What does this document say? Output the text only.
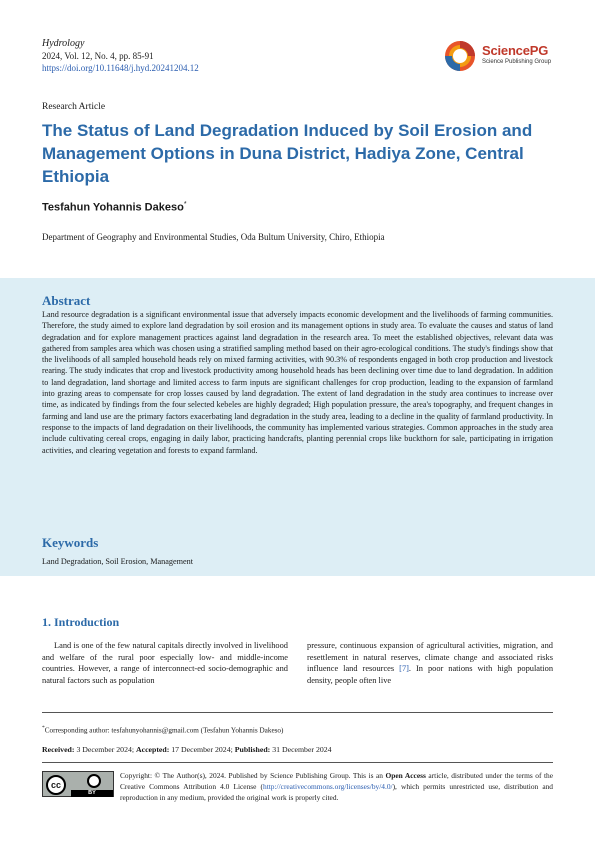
Hydrology
2024, Vol. 12, No. 4, pp. 85-91
https://doi.org/10.11648/j.hyd.20241204.12
SciencePG
Science Publishing Group
Research Article
The Status of Land Degradation Induced by Soil Erosion and Management Options in Duna District, Hadiya Zone, Central Ethiopia
Tesfahun Yohannis Dakeso*
Department of Geography and Environmental Studies, Oda Bultum University, Chiro, Ethiopia
Abstract

Land resource degradation is a significant environmental issue that adversely impacts economic development and the livelihoods of farming communities. Therefore, the study aimed to explore land degradation by soil erosion and its management options in study area. To evaluate the causes and status of land degradation and for explore management practices against land degradation in the research area. To meet the established objectives, relevant data was gathered from samples area which was chosen using a stratified sampling method based on their agro-ecological conditions. The study's findings show that the livelihoods of all sampled household heads rely on mixed farming activities, with 90.3% of respondents engaged in both crop production and livestock rearing. The study indicates that crop and livestock productivity among household heads has been declining over time due to land degradation. In addition to land degradation, land shortage and limited access to farm inputs are significant challenges for crop production, leading to the expansion of farmland into grazing areas to compensate for crop losses caused by land degradation. The extent of land degradation in the study area continues to increase over time, as indicated by findings from the four selected kebeles are highly degraded; High population pressure, the area's topography, and frequent changes in farming and land use are the primary factors exacerbating land degradation in the study area, leading to a decline in the quality of farmland productivity. In response to the impacts of land degradation on their livelihoods, the community has implemented various strategies. Common approaches in the study area include cultivating cereal crops, engaging in daily labor, practicing handcrafts, planting perennial crops like buckthorn for sale, participating in irrigation activities, and clearing vegetation and forests to expand farmland.

Keywords

Land Degradation, Soil Erosion, Management

1. Introduction

Land is one of the few natural capitals directly involved in livelihood and welfare of the rural poor especially low- and middle-income countries. However, a range of interconnect-ed socio-demographic and natural factors such as population

pressure, continuous expansion of agricultural activities, migration, and resettlement in natural reserves, climate change and associated risks influence land resources [7]. In poor nations with high population density, people often live

*Corresponding author: tesfahunyohannis@gmail.com (Tesfahun Yohannis Dakeso)
Received: 3 December 2024; Accepted: 17 December 2024; Published: 31 December 2024
cc
BY

Copyright: © The Author(s), 2024. Published by Science Publishing Group. This is an Open Access article, distributed under the terms of the Creative Commons Attribution 4.0 License (http://creativecommons.org/licenses/by/4.0/), which permits unrestricted use, distribution and reproduction in any medium, provided the original work is properly cited.
